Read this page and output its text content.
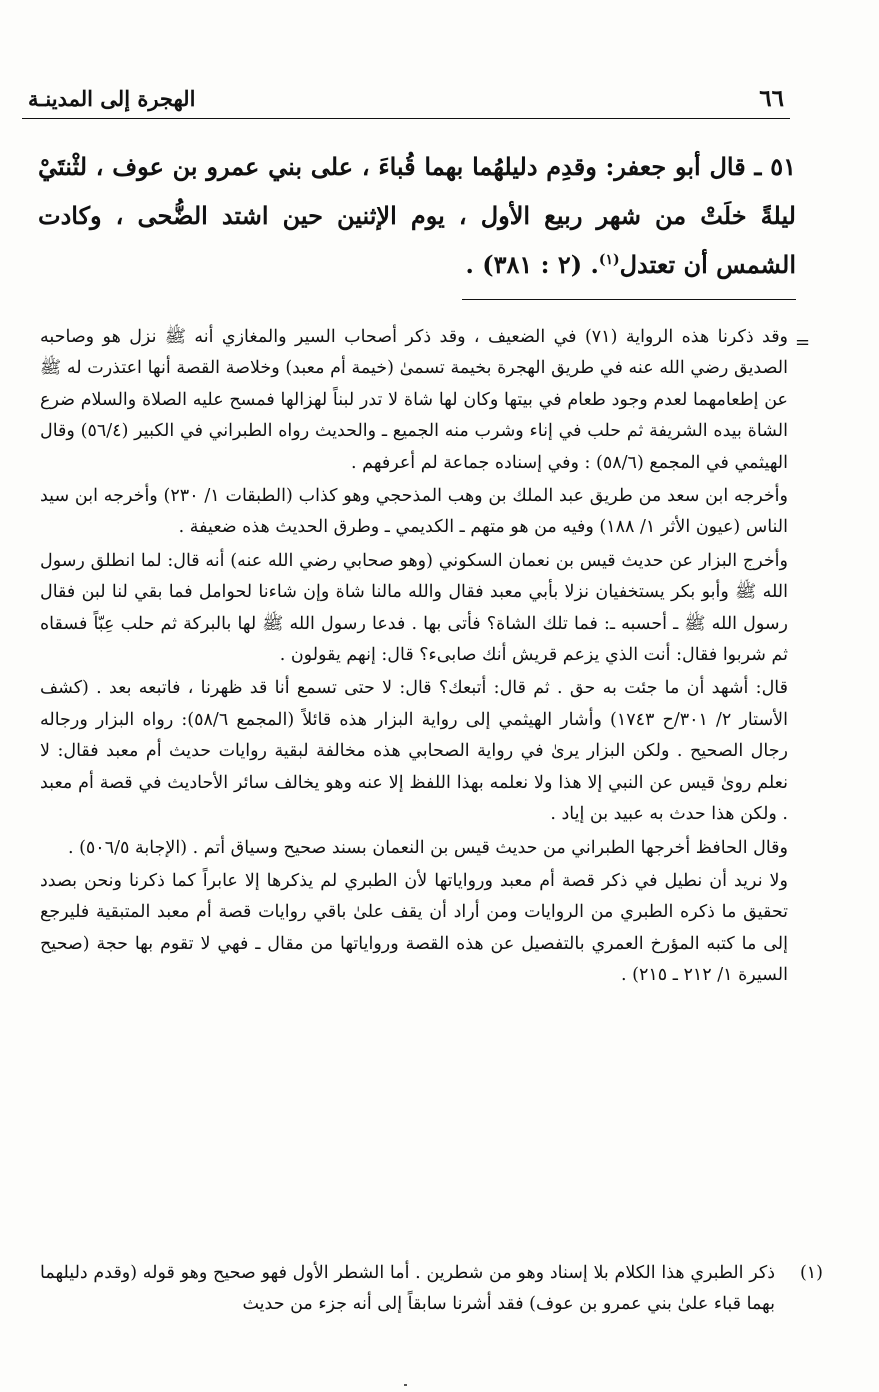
٦٦
الهجرة إلى المدينـة

٥١ ـ قال أبو جعفر: وقدِم دليلهُما بهما قُباءَ ، على بني عمرو بن عوف ، لثْنتَيْ ليلةً خلَتْ من شهر ربيع الأول ، يوم الإثنين حين اشتد الضُّحى ، وكادت الشمس أن تعتدل$^{(١)}$. (٢ : ٣٨١) .

=

وقد ذكرنا هذه الرواية (٧١) في الضعيف ، وقد ذكر أصحاب السير والمغازي أنه ﷺ نزل هو وصاحبه الصديق رضي الله عنه في طريق الهجرة بخيمة تسمىٰ (خيمة أم معبد) وخلاصة القصة أنها اعتذرت له ﷺ عن إطعامهما لعدم وجود طعام في بيتها وكان لها شاة لا تدر لبناً لهزالها فمسح عليه الصلاة والسلام ضرع الشاة بيده الشريفة ثم حلب في إناء وشرب منه الجميع ـ والحديث رواه الطبراني في الكبير (٥٦/٤) وقال الهيثمي في المجمع (٥٨/٦) : وفي إسناده جماعة لم أعرفهم .

وأخرجه ابن سعد من طريق عبد الملك بن وهب المذحجي وهو كذاب (الطبقات ١/ ٢٣٠) وأخرجه ابن سيد الناس (عيون الأثر ١/ ١٨٨) وفيه من هو متهم ـ الكديمي ـ وطرق الحديث هذه ضعيفة .

وأخرج البزار عن حديث قيس بن نعمان السكوني (وهو صحابي رضي الله عنه) أنه قال: لما انطلق رسول الله ﷺ وأبو بكر يستخفيان نزلا بأبي معبد فقال والله مالنا شاة وإن شاءنا لحوامل فما بقي لنا لبن فقال رسول الله ﷺ ـ أحسبه ـ: فما تلك الشاة؟ فأتى بها . فدعا رسول الله ﷺ لها بالبركة ثم حلب عِبّاً فسقاه ثم شربوا فقال: أنت الذي يزعم قريش أنك صابىء؟ قال: إنهم يقولون .

قال: أشهد أن ما جئت به حق . ثم قال: أتبعك؟ قال: لا حتى تسمع أنا قد ظهرنا ، فاتبعه بعد . (كشف الأستار ٢/ ٣٠١/ح ١٧٤٣) وأشار الهيثمي إلى رواية البزار هذه قائلاً (المجمع ٥٨/٦): رواه البزار ورجاله رجال الصحيح . ولكن البزار يرىٰ في رواية الصحابي هذه مخالفة لبقية روايات حديث أم معبد فقال: لا نعلم روىٰ قيس عن النبي إلا هذا ولا نعلمه بهذا اللفظ إلا عنه وهو يخالف سائر الأحاديث في قصة أم معبد . ولكن هذا حدث به عبيد بن إياد .

وقال الحافظ أخرجها الطبراني من حديث قيس بن النعمان بسند صحيح وسياق أتم . (الإجابة ٥٠٦/٥) .

ولا نريد أن نطيل في ذكر قصة أم معبد ورواياتها لأن الطبري لم يذكرها إلا عابراً كما ذكرنا ونحن بصدد تحقيق ما ذكره الطبري من الروايات ومن أراد أن يقف علىٰ باقي روايات قصة أم معبد المتبقية فليرجع إلى ما كتبه المؤرخ العمري بالتفصيل عن هذه القصة ورواياتها من مقال ـ فهي لا تقوم بها حجة (صحيح السيرة ١/ ٢١٢ ـ ٢١٥) .

(١)
ذكر الطبري هذا الكلام بلا إسناد وهو من شطرين . أما الشطر الأول فهو صحيح وهو قوله (وقدم دليلهما بهما قباء علىٰ بني عمرو بن عوف) فقد أشرنا سابقاً إلى أنه جزء من حديث
